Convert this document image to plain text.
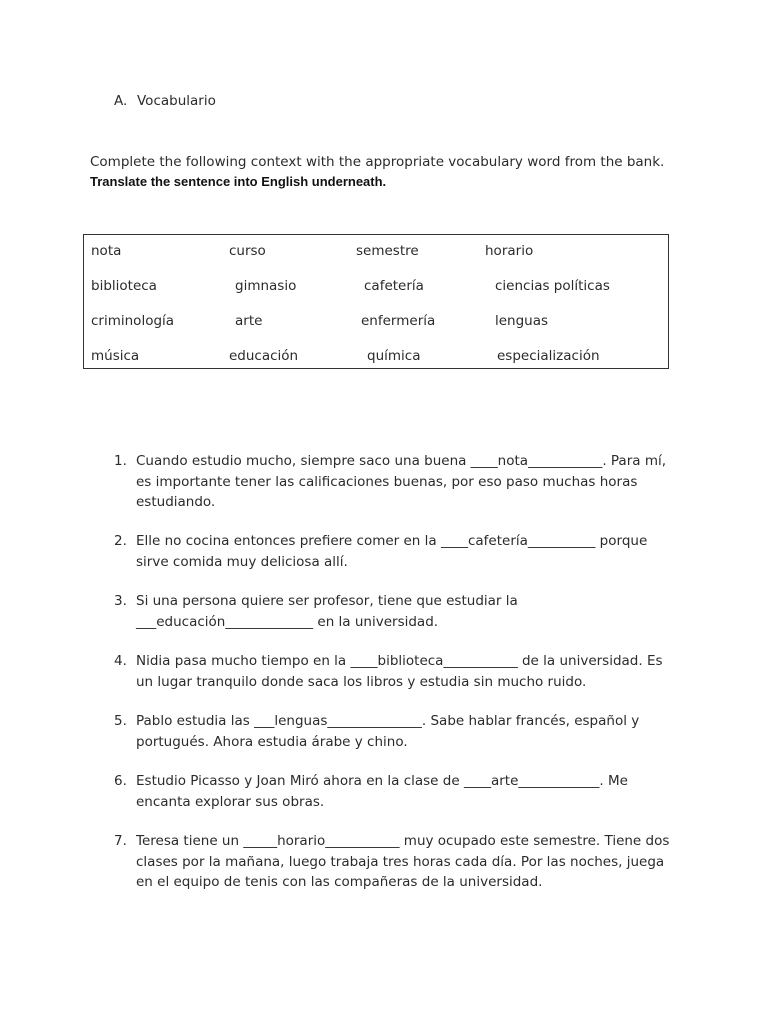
A. Vocabulario
Complete the following context with the appropriate vocabulary word from the bank.
Translate the sentence into English underneath.
nota	curso	semestre	horario
biblioteca	gimnasio	cafetería	ciencias políticas
criminología	arte	enfermería	lenguas
música	educación	química	especialización
1. Cuando estudio mucho, siempre saco una buena ____nota___________. Para mí,
es importante tener las calificaciones buenas, por eso paso muchas horas
estudiando.
2. Elle no cocina entonces prefiere comer en la ____cafetería__________ porque
sirve comida muy deliciosa allí.
3. Si una persona quiere ser profesor, tiene que estudiar la
___educación_____________ en la universidad.
4. Nidia pasa mucho tiempo en la ____biblioteca___________ de la universidad. Es
un lugar tranquilo donde saca los libros y estudia sin mucho ruido.
5. Pablo estudia las ___lenguas______________. Sabe hablar francés, español y
portugués. Ahora estudia árabe y chino.
6. Estudio Picasso y Joan Miró ahora en la clase de ____arte____________. Me
encanta explorar sus obras.
7. Teresa tiene un _____horario___________ muy ocupado este semestre. Tiene dos
clases por la mañana, luego trabaja tres horas cada día. Por las noches, juega
en el equipo de tenis con las compañeras de la universidad.
